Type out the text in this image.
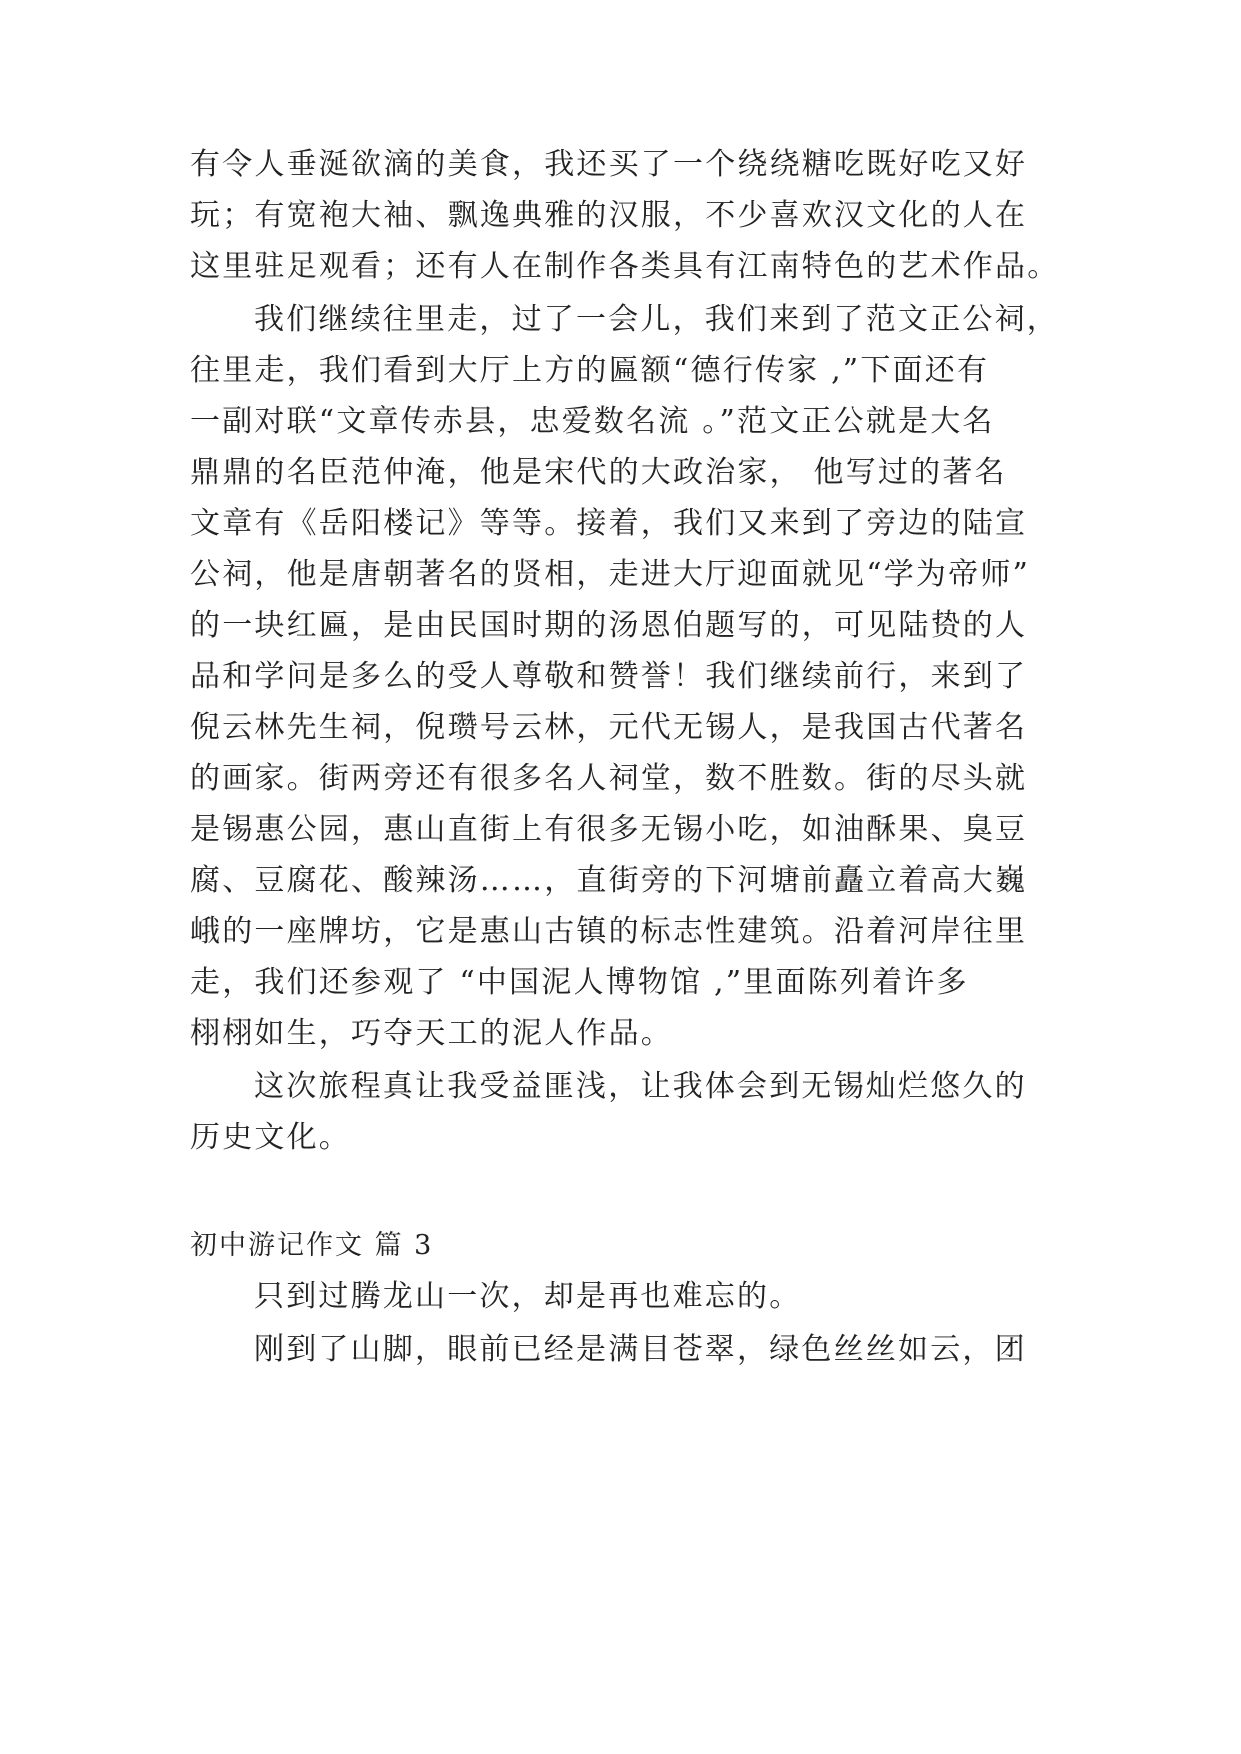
有令人垂涎欲滴的美食，我还买了一个绕绕糖吃既好吃又好
玩；有宽袍大袖、飘逸典雅的汉服，不少喜欢汉文化的人在
这里驻足观看；还有人在制作各类具有江南特色的艺术作品。
我们继续往里走，过了一会儿，我们来到了范文正公祠，
往里走，我们看到大厅上方的匾额“德行传家 ,”下面还有
一副对联“文章传赤县，忠爱数名流 。”范文正公就是大名
鼎鼎的名臣范仲淹，他是宋代的大政治家， 他写过的著名
文章有《岳阳楼记》等等。接着，我们又来到了旁边的陆宣
公祠，他是唐朝著名的贤相，走进大厅迎面就见“学为帝师”
的一块红匾，是由民国时期的汤恩伯题写的，可见陆贽的人
品和学问是多么的受人尊敬和赞誉！我们继续前行，来到了
倪云林先生祠，倪瓒号云林，元代无锡人，是我国古代著名
的画家。街两旁还有很多名人祠堂，数不胜数。街的尽头就
是锡惠公园，惠山直街上有很多无锡小吃，如油酥果、臭豆
腐、豆腐花、酸辣汤……，直街旁的下河塘前矗立着高大巍
峨的一座牌坊，它是惠山古镇的标志性建筑。沿着河岸往里
走，我们还参观了 “中国泥人博物馆 ,”里面陈列着许多
栩栩如生，巧夺天工的泥人作品。
这次旅程真让我受益匪浅，让我体会到无锡灿烂悠久的
历史文化。
初中游记作文 篇 3
只到过腾龙山一次，却是再也难忘的。
刚到了山脚，眼前已经是满目苍翠，绿色丝丝如云，团
